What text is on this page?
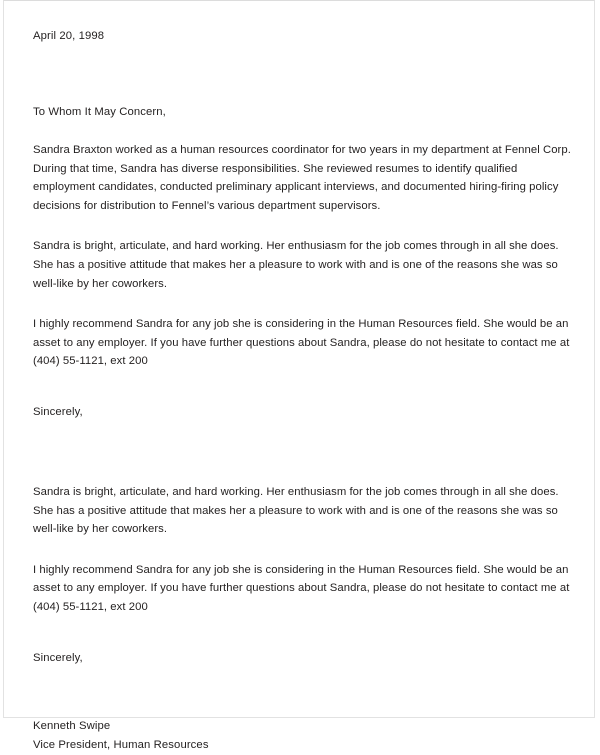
April 20, 1998

To Whom It May Concern,

Sandra Braxton worked as a human resources coordinator for two years in my department at Fennel Corp. During that time, Sandra has diverse responsibilities. She reviewed resumes to identify qualified employment candidates, conducted preliminary applicant interviews, and documented hiring-firing policy decisions for distribution to Fennel’s various department supervisors.

Sandra is bright, articulate, and hard working. Her enthusiasm for the job comes through in all she does. She has a positive attitude that makes her a pleasure to work with and is one of the reasons she was so well-like by her coworkers.

I highly recommend Sandra for any job she is considering in the Human Resources field. She would be an asset to any employer. If you have further questions about Sandra, please do not hesitate to contact me at (404) 55-1121, ext 200

Sincerely,

Sandra is bright, articulate, and hard working. Her enthusiasm for the job comes through in all she does. She has a positive attitude that makes her a pleasure to work with and is one of the reasons she was so well-like by her coworkers.

I highly recommend Sandra for any job she is considering in the Human Resources field. She would be an asset to any employer. If you have further questions about Sandra, please do not hesitate to contact me at (404) 55-1121, ext 200

Sincerely,

Kenneth Swipe

Vice President, Human Resources
